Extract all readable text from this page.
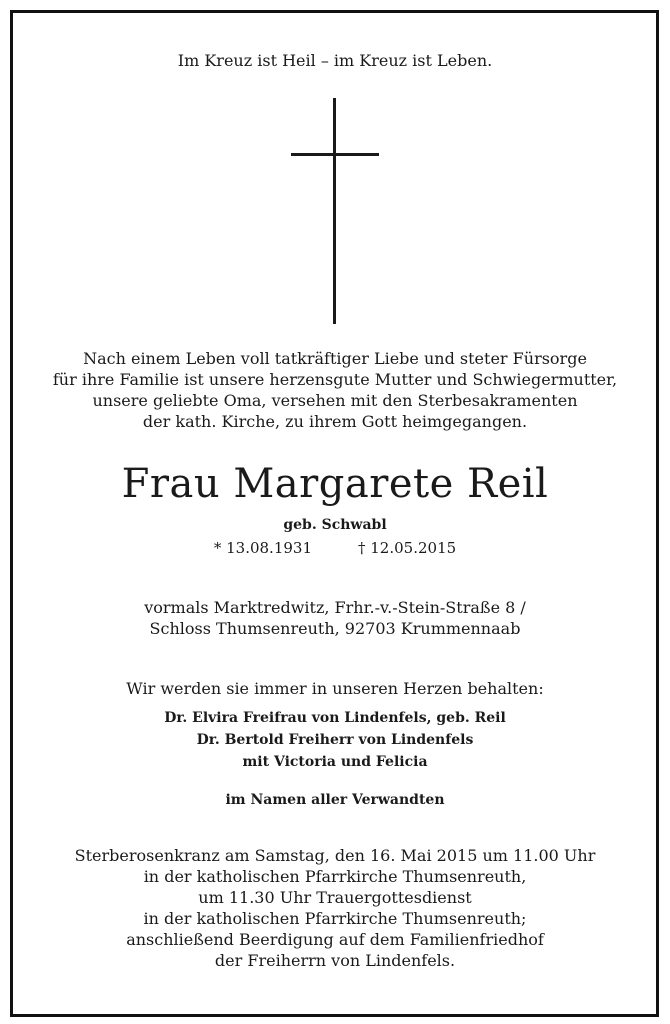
Im Kreuz ist Heil – im Kreuz ist Leben.
Nach einem Leben voll tatkräftiger Liebe und steter Fürsorge
für ihre Familie ist unsere herzensgute Mutter und Schwiegermutter,
unsere geliebte Oma, versehen mit den Sterbesakramenten
der kath. Kirche, zu ihrem Gott heimgegangen.
Frau Margarete Reil
geb. Schwabl
* 13.08.1931	† 12.05.2015
vormals Marktredwitz, Frhr.-v.-Stein-Straße 8 /
Schloss Thumsenreuth, 92703 Krummennaab
Wir werden sie immer in unseren Herzen behalten:
Dr. Elvira Freifrau von Lindenfels, geb. Reil
Dr. Bertold Freiherr von Lindenfels
mit Victoria und Felicia
im Namen aller Verwandten
Sterberosenkranz am Samstag, den 16. Mai 2015 um 11.00 Uhr
in der katholischen Pfarrkirche Thumsenreuth,
um 11.30 Uhr Trauergottesdienst
in der katholischen Pfarrkirche Thumsenreuth;
anschließend Beerdigung auf dem Familienfriedhof
der Freiherrn von Lindenfels.
